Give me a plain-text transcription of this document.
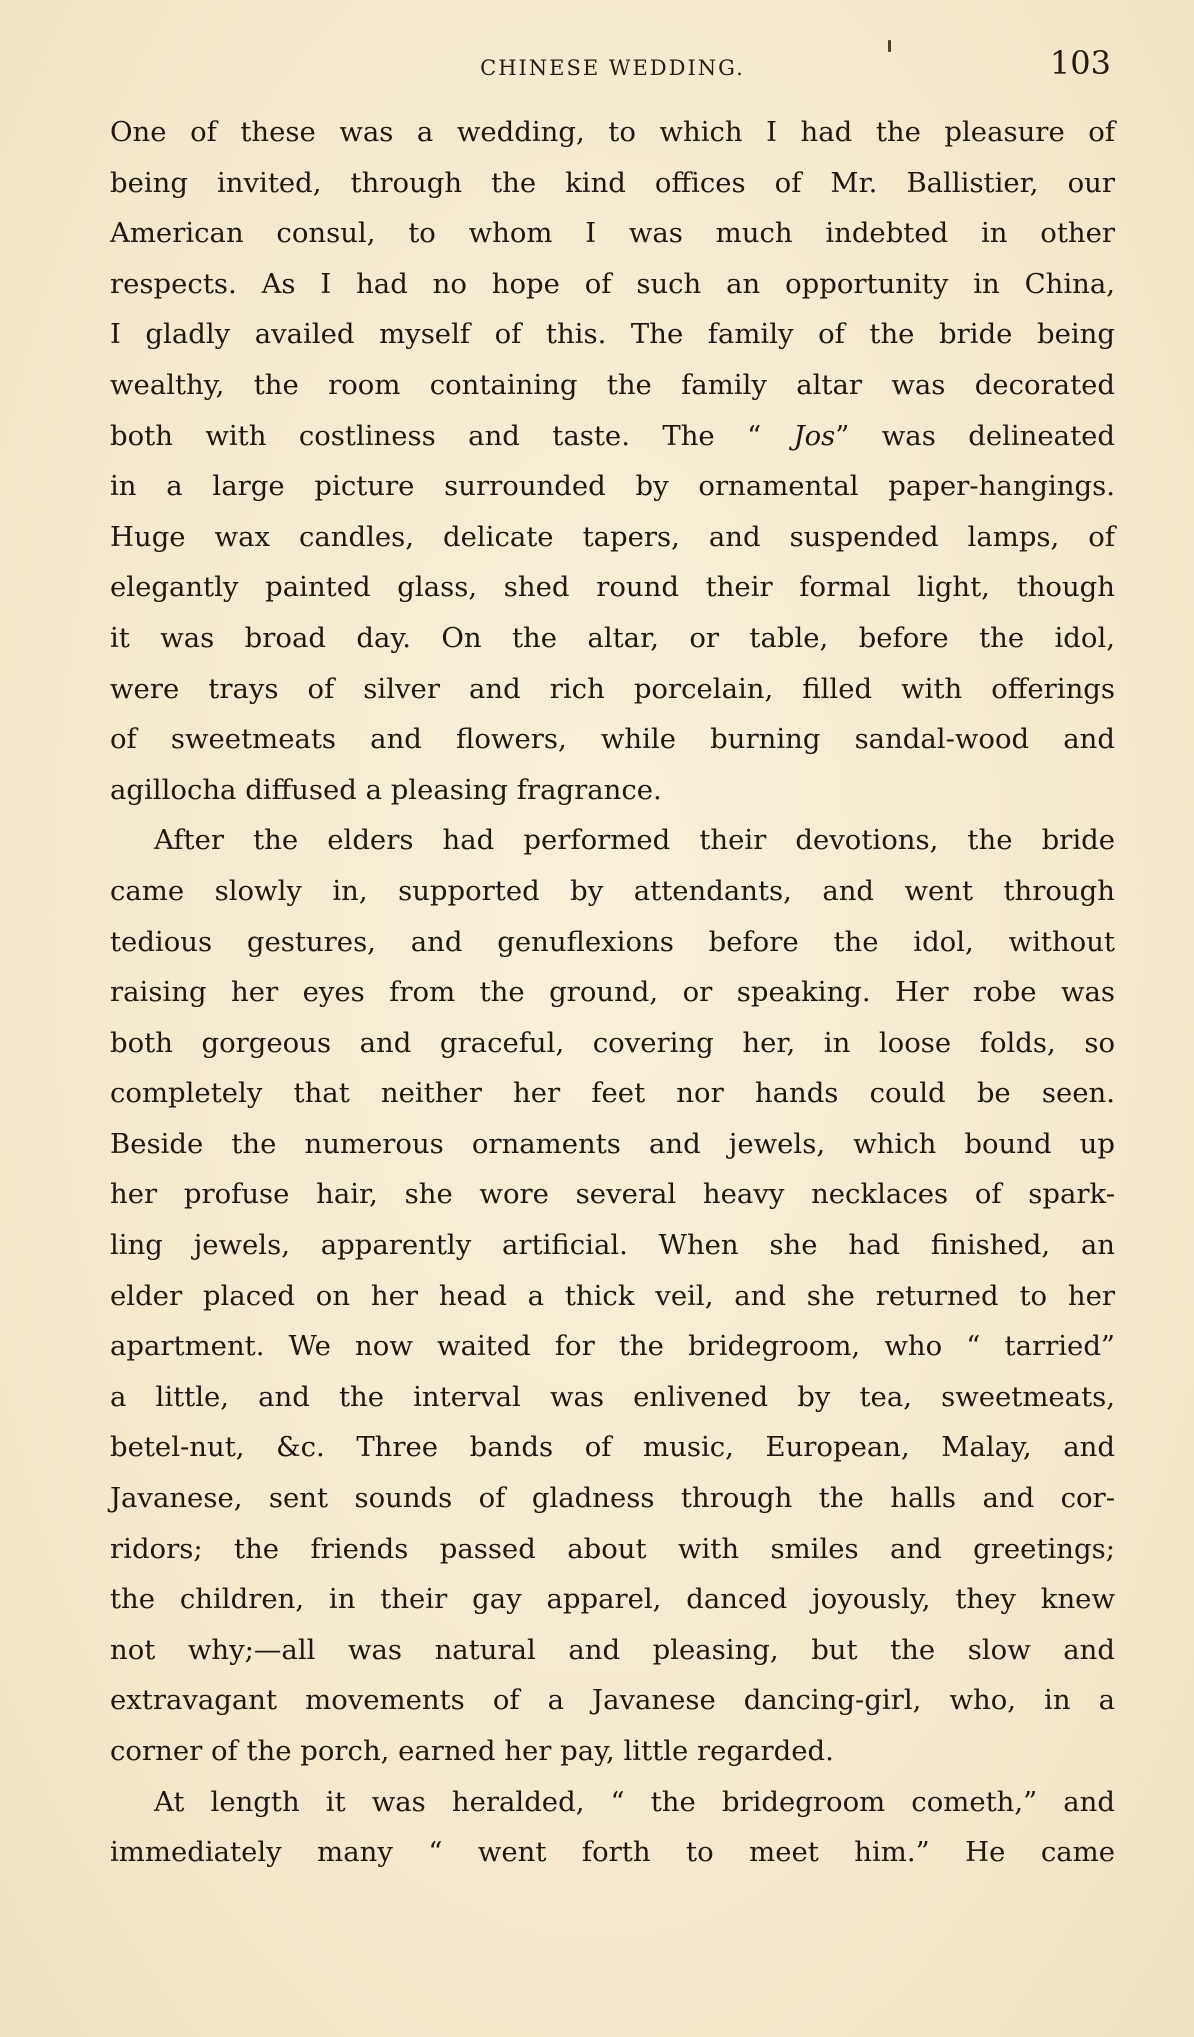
CHINESE WEDDING.	103
One of these was a wedding, to which I had the pleasure of
being invited, through the kind offices of Mr. Ballistier, our
American consul, to whom I was much indebted in other
respects. As I had no hope of such an opportunity in China,
I gladly availed myself of this. The family of the bride being
wealthy, the room containing the family altar was decorated
both with costliness and taste. The “ Jos” was delineated
in a large picture surrounded by ornamental paper-hangings.
Huge wax candles, delicate tapers, and suspended lamps, of
elegantly painted glass, shed round their formal light, though
it was broad day. On the altar, or table, before the idol,
were trays of silver and rich porcelain, filled with offerings
of sweetmeats and flowers, while burning sandal-wood and
agillocha diffused a pleasing fragrance.
After the elders had performed their devotions, the bride
came slowly in, supported by attendants, and went through
tedious gestures, and genuflexions before the idol, without
raising her eyes from the ground, or speaking. Her robe was
both gorgeous and graceful, covering her, in loose folds, so
completely that neither her feet nor hands could be seen.
Beside the numerous ornaments and jewels, which bound up
her profuse hair, she wore several heavy necklaces of spark-
ling jewels, apparently artificial. When she had finished, an
elder placed on her head a thick veil, and she returned to her
apartment. We now waited for the bridegroom, who “ tarried”
a little, and the interval was enlivened by tea, sweetmeats,
betel-nut, &c. Three bands of music, European, Malay, and
Javanese, sent sounds of gladness through the halls and cor-
ridors; the friends passed about with smiles and greetings;
the children, in their gay apparel, danced joyously, they knew
not why;—all was natural and pleasing, but the slow and
extravagant movements of a Javanese dancing-girl, who, in a
corner of the porch, earned her pay, little regarded.
At length it was heralded, “ the bridegroom cometh,” and
immediately many “ went forth to meet him.” He came
